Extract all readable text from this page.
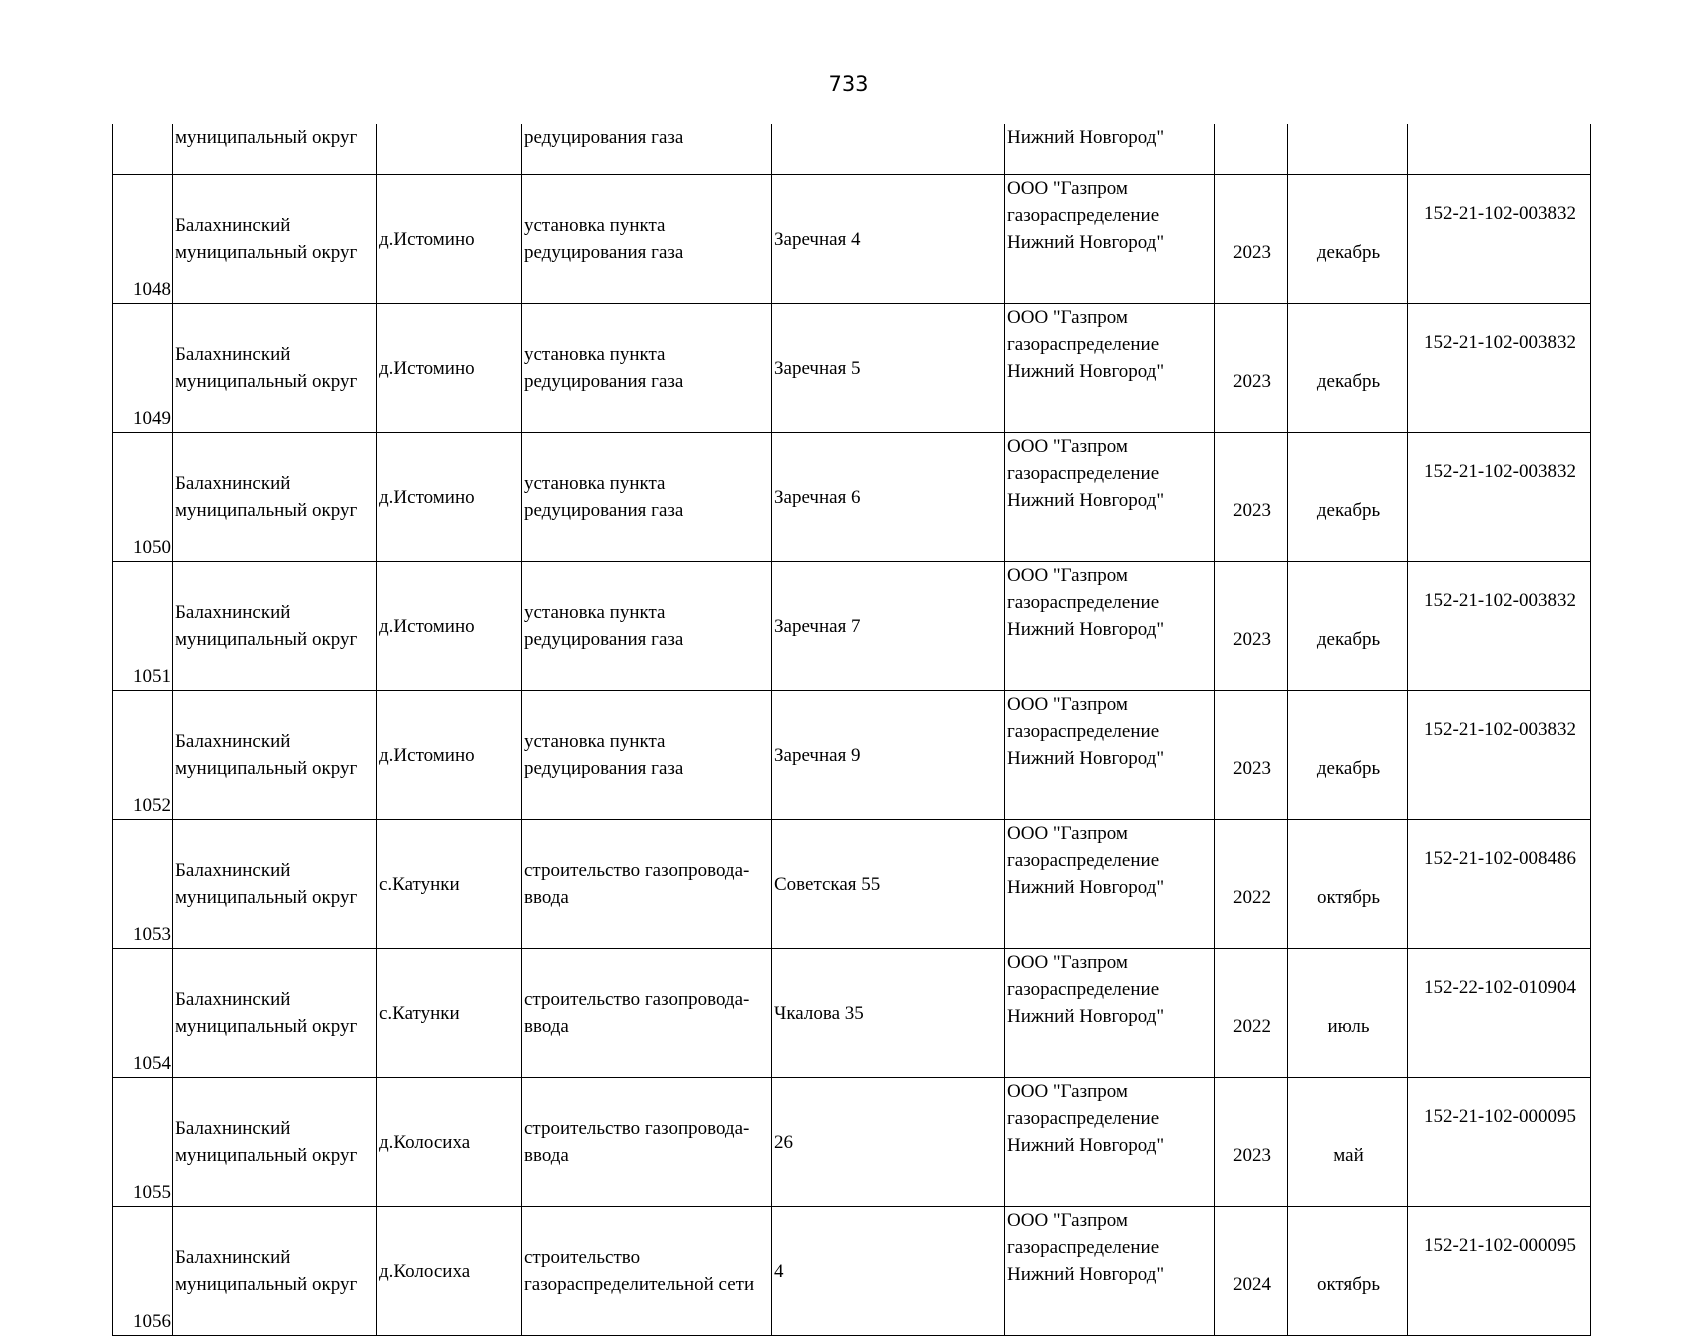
733
	муниципальный округ		редуцирования газа		Нижний Новгород"			

1048	Балахнинский
муниципальный округ	д.Истомино	установка пункта
редуцирования газа	Заречная 4	ООО "Газпром
газораспределение
Нижний Новгород"	2023	декабрь	152-21-102-003832

1049	Балахнинский
муниципальный округ	д.Истомино	установка пункта
редуцирования газа	Заречная 5	ООО "Газпром
газораспределение
Нижний Новгород"	2023	декабрь	152-21-102-003832

1050	Балахнинский
муниципальный округ	д.Истомино	установка пункта
редуцирования газа	Заречная 6	ООО "Газпром
газораспределение
Нижний Новгород"	2023	декабрь	152-21-102-003832

1051	Балахнинский
муниципальный округ	д.Истомино	установка пункта
редуцирования газа	Заречная 7	ООО "Газпром
газораспределение
Нижний Новгород"	2023	декабрь	152-21-102-003832

1052	Балахнинский
муниципальный округ	д.Истомино	установка пункта
редуцирования газа	Заречная 9	ООО "Газпром
газораспределение
Нижний Новгород"	2023	декабрь	152-21-102-003832

1053	Балахнинский
муниципальный округ	с.Катунки	строительство газопровода-
ввода	Советская 55	ООО "Газпром
газораспределение
Нижний Новгород"	2022	октябрь	152-21-102-008486

1054	Балахнинский
муниципальный округ	с.Катунки	строительство газопровода-
ввода	Чкалова 35	ООО "Газпром
газораспределение
Нижний Новгород"	2022	июль	152-22-102-010904

1055	Балахнинский
муниципальный округ	д.Колосиха	строительство газопровода-
ввода	26	ООО "Газпром
газораспределение
Нижний Новгород"	2023	май	152-21-102-000095

1056	Балахнинский
муниципальный округ	д.Колосиха	строительство
газораспределительной сети	4	ООО "Газпром
газораспределение
Нижний Новгород"	2024	октябрь	152-21-102-000095
